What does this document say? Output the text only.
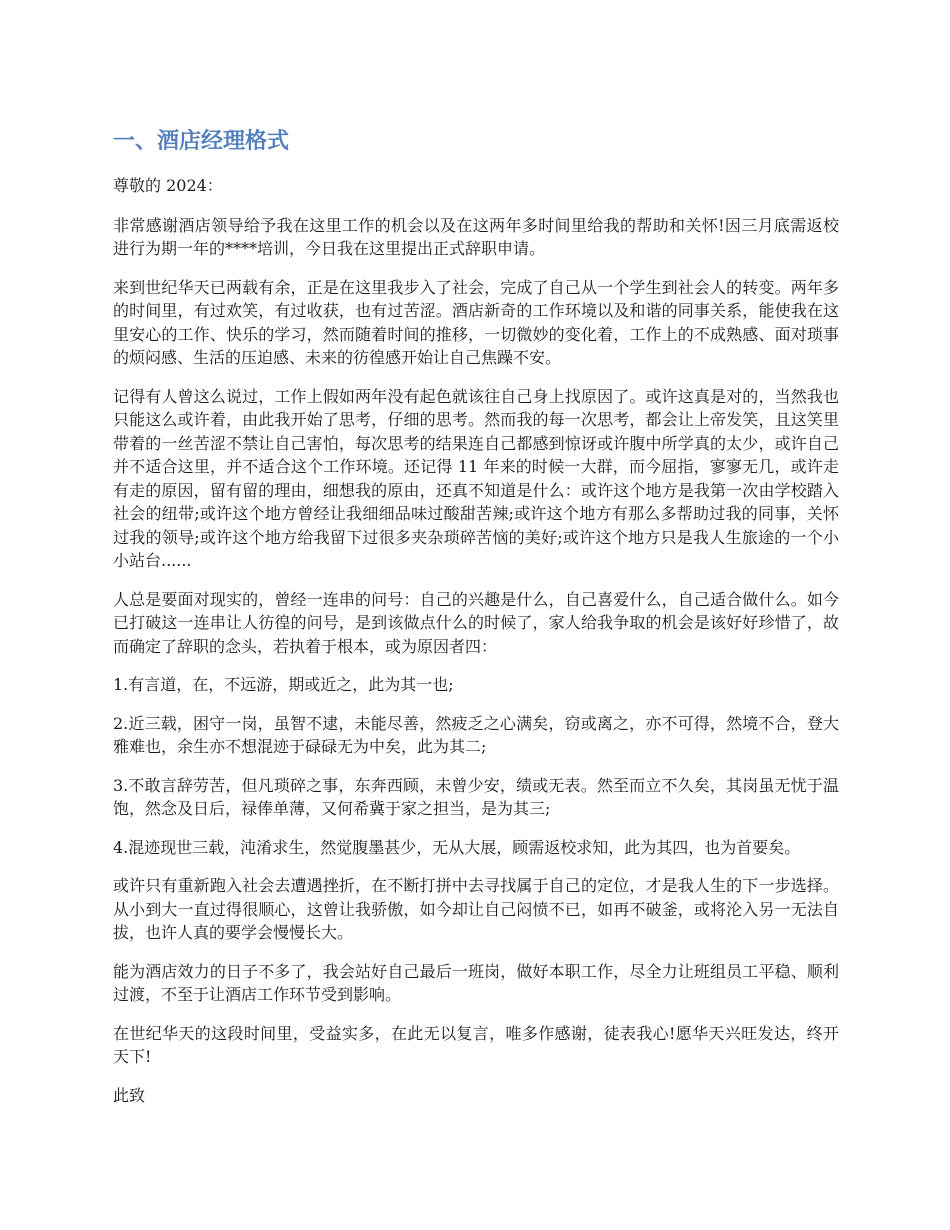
一、酒店经理格式

尊敬的 2024：

非常感谢酒店领导给予我在这里工作的机会以及在这两年多时间里给我的帮助和关怀!因三月底需返校进行为期一年的****培训，今日我在这里提出正式辞职申请。

来到世纪华天已两载有余，正是在这里我步入了社会，完成了自己从一个学生到社会人的转变。两年多的时间里，有过欢笑，有过收获，也有过苦涩。酒店新奇的工作环境以及和谐的同事关系，能使我在这里安心的工作、快乐的学习，然而随着时间的推移，一切微妙的变化着，工作上的不成熟感、面对琐事的烦闷感、生活的压迫感、未来的彷徨感开始让自己焦躁不安。

记得有人曾这么说过，工作上假如两年没有起色就该往自己身上找原因了。或许这真是对的，当然我也只能这么或许着，由此我开始了思考，仔细的思考。然而我的每一次思考，都会让上帝发笑，且这笑里带着的一丝苦涩不禁让自己害怕，每次思考的结果连自己都感到惊讶或许腹中所学真的太少，或许自己并不适合这里，并不适合这个工作环境。还记得 11 年来的时候一大群，而今屈指，寥寥无几，或许走有走的原因，留有留的理由，细想我的原由，还真不知道是什么：或许这个地方是我第一次由学校踏入社会的纽带;或许这个地方曾经让我细细品味过酸甜苦辣;或许这个地方有那么多帮助过我的同事，关怀过我的领导;或许这个地方给我留下过很多夹杂琐碎苦恼的美好;或许这个地方只是我人生旅途的一个小小站台......

人总是要面对现实的，曾经一连串的问号：自己的兴趣是什么，自己喜爱什么，自己适合做什么。如今已打破这一连串让人彷徨的问号，是到该做点什么的时候了，家人给我争取的机会是该好好珍惜了，故而确定了辞职的念头，若执着于根本，或为原因者四：

1.有言道，在，不远游，期或近之，此为其一也;

2.近三载，困守一岗，虽智不逮，未能尽善，然疲乏之心满矣，窃或离之，亦不可得，然境不合，登大雅难也，余生亦不想混迹于碌碌无为中矣，此为其二;

3.不敢言辞劳苦，但凡琐碎之事，东奔西顾，未曾少安，绩或无表。然至而立不久矣，其岗虽无忧于温饱，然念及日后，禄俸单薄，又何希冀于家之担当，是为其三;

4.混迹现世三载，沌淆求生，然觉腹墨甚少，无从大展，顾需返校求知，此为其四，也为首要矣。

或许只有重新跑入社会去遭遇挫折，在不断打拼中去寻找属于自己的定位，才是我人生的下一步选择。从小到大一直过得很顺心，这曾让我骄傲，如今却让自己闷愤不已，如再不破釜，或将沦入另一无法自拔，也许人真的要学会慢慢长大。

能为酒店效力的日子不多了，我会站好自己最后一班岗，做好本职工作，尽全力让班组员工平稳、顺利过渡，不至于让酒店工作环节受到影响。

在世纪华天的这段时间里，受益实多，在此无以复言，唯多作感谢，徒表我心!愿华天兴旺发达，终开天下!

此致
